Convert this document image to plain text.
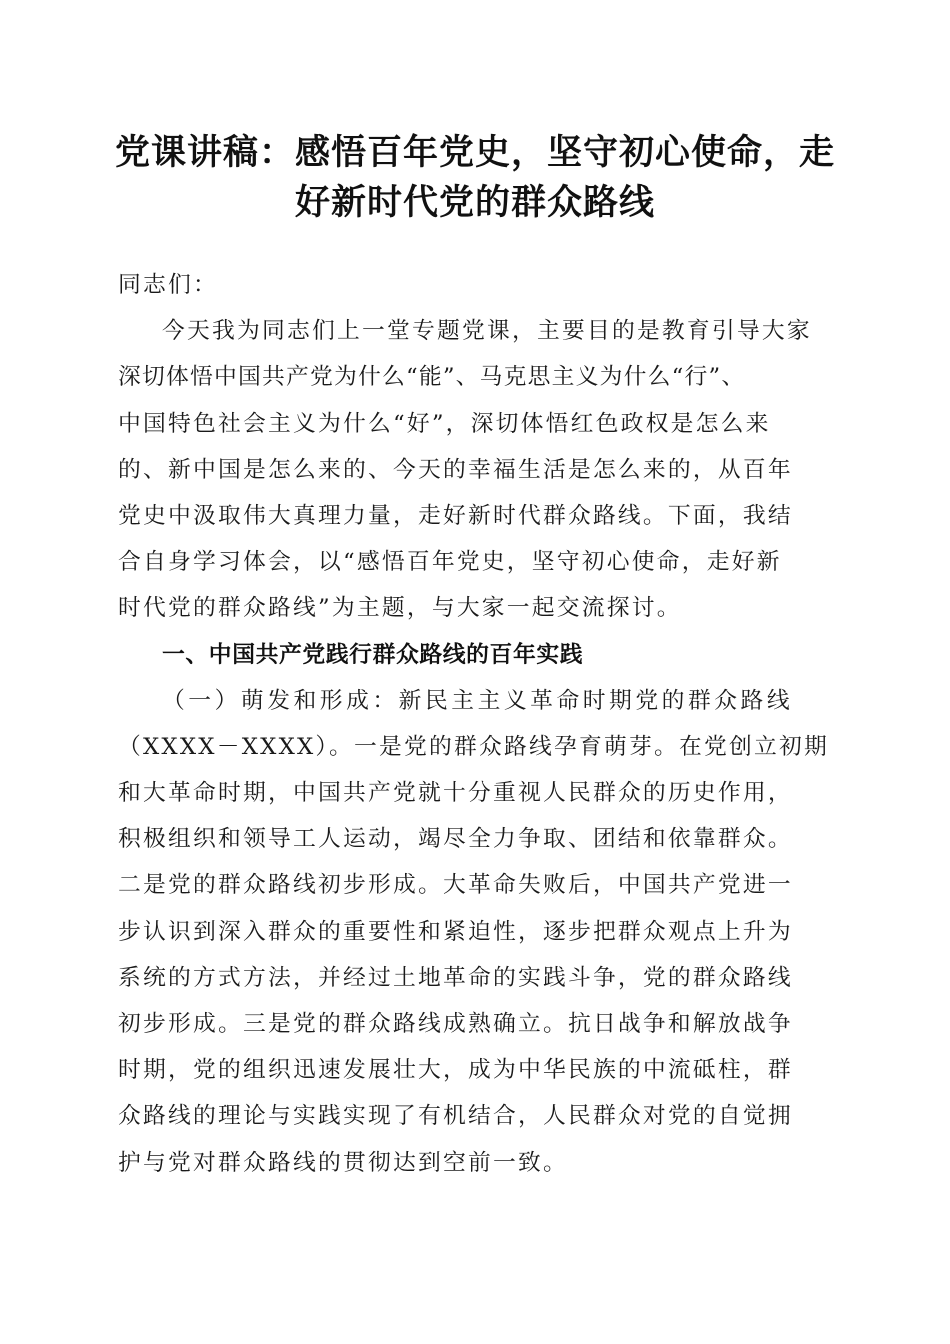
党课讲稿：感悟百年党史，坚守初心使命，走
好新时代党的群众路线
同志们：
今天我为同志们上一堂专题党课，主要目的是教育引导大家
深切体悟中国共产党为什么“能”、马克思主义为什么“行”、
中国特色社会主义为什么“好”，深切体悟红色政权是怎么来
的、新中国是怎么来的、今天的幸福生活是怎么来的，从百年
党史中汲取伟大真理力量，走好新时代群众路线。下面，我结
合自身学习体会，以“感悟百年党史，坚守初心使命，走好新
时代党的群众路线”为主题，与大家一起交流探讨。
一、中国共产党践行群众路线的百年实践
（一）萌发和形成：新民主主义革命时期党的群众路线
（XXXX－XXXX）。一是党的群众路线孕育萌芽。在党创立初期
和大革命时期，中国共产党就十分重视人民群众的历史作用，
积极组织和领导工人运动，竭尽全力争取、团结和依靠群众。
二是党的群众路线初步形成。大革命失败后，中国共产党进一
步认识到深入群众的重要性和紧迫性，逐步把群众观点上升为
系统的方式方法，并经过土地革命的实践斗争，党的群众路线
初步形成。三是党的群众路线成熟确立。抗日战争和解放战争
时期，党的组织迅速发展壮大，成为中华民族的中流砥柱，群
众路线的理论与实践实现了有机结合，人民群众对党的自觉拥
护与党对群众路线的贯彻达到空前一致。
